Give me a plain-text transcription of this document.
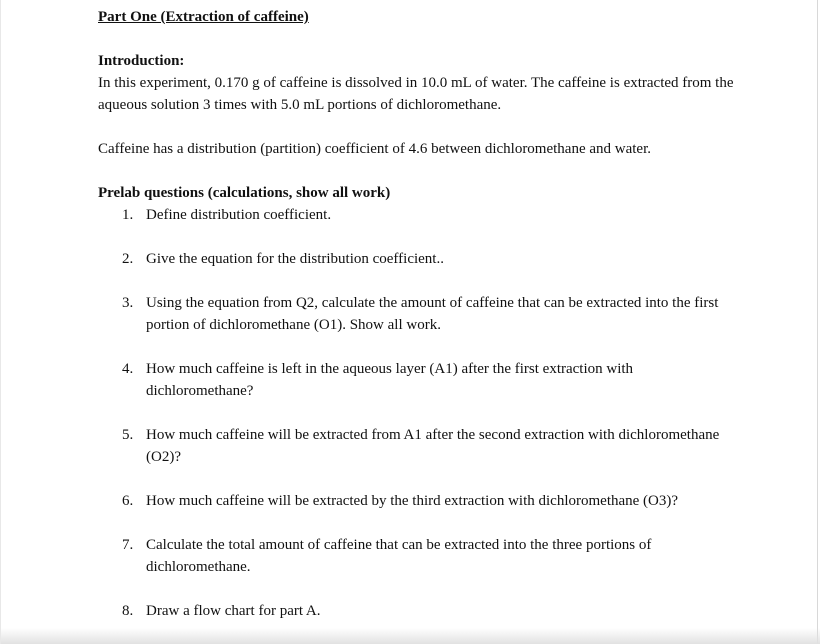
Part One (Extraction of caffeine)
Introduction:

In this experiment, 0.170 g of caffeine is dissolved in 10.0 mL of water. The caffeine is extracted from the aqueous solution 3 times with 5.0 mL portions of dichloromethane.

Caffeine has a distribution (partition) coefficient of 4.6 between dichloromethane and water.

Prelab questions (calculations, show all work)
1. Define distribution coefficient.
2. Give the equation for the distribution coefficient..
3. Using the equation from Q2, calculate the amount of caffeine that can be extracted into the first portion of dichloromethane (O1). Show all work.
4. How much caffeine is left in the aqueous layer (A1) after the first extraction with dichloromethane?
5. How much caffeine will be extracted from A1 after the second extraction with dichloromethane (O2)?
6. How much caffeine will be extracted by the third extraction with dichloromethane (O3)?
7. Calculate the total amount of caffeine that can be extracted into the three portions of dichloromethane.
8. Draw a flow chart for part A.
